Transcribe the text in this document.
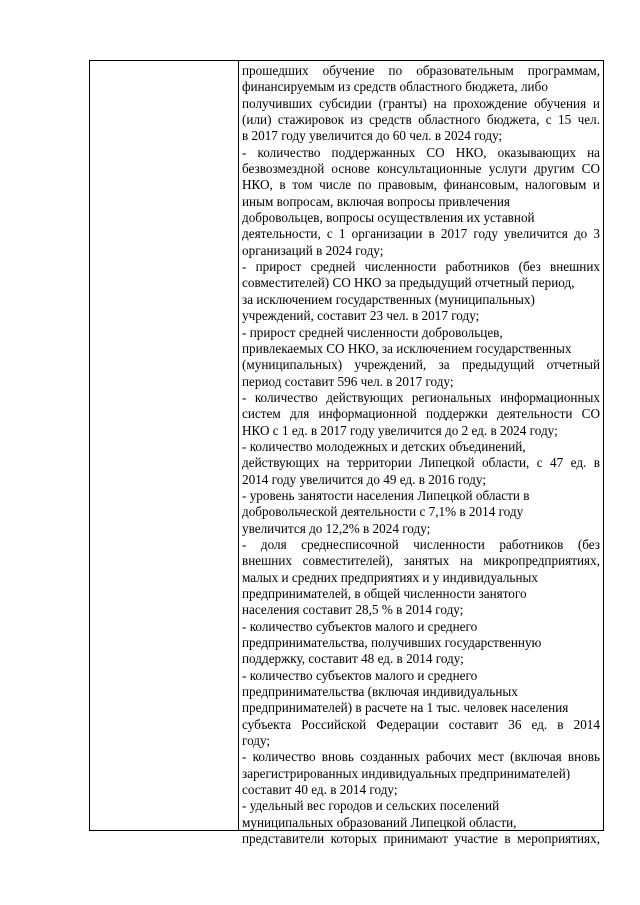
прошедших обучение по образовательным программам,
финансируемым из средств областного бюджета, либо
получивших субсидии (гранты) на прохождение обучения и
(или) стажировок из средств областного бюджета, с 15 чел.
в 2017 году увеличится до 60 чел. в 2024 году;
- количество поддержанных СО НКО, оказывающих на
безвозмездной основе консультационные услуги другим СО
НКО, в том числе по правовым, финансовым, налоговым и
иным вопросам, включая вопросы привлечения
добровольцев, вопросы осуществления их уставной
деятельности, с 1 организации в 2017 году увеличится до 3
организаций в 2024 году;
- прирост средней численности работников (без внешних
совместителей) СО НКО за предыдущий отчетный период,
за исключением государственных (муниципальных)
учреждений, составит 23 чел. в 2017 году;
- прирост средней численности добровольцев,
привлекаемых СО НКО, за исключением государственных
(муниципальных) учреждений, за предыдущий отчетный
период составит 596 чел. в 2017 году;
- количество действующих региональных информационных
систем для информационной поддержки деятельности СО
НКО с 1 ед. в 2017 году увеличится до 2 ед. в 2024 году;
- количество молодежных и детских объединений,
действующих на территории Липецкой области, с 47 ед. в
2014 году увеличится до 49 ед. в 2016 году;
- уровень занятости населения Липецкой области в
добровольческой деятельности с 7,1% в 2014 году
увеличится до 12,2% в 2024 году;
- доля среднесписочной численности работников (без
внешних совместителей), занятых на микропредприятиях,
малых и средних предприятиях и у индивидуальных
предпринимателей, в общей численности занятого
населения составит 28,5 % в 2014 году;
- количество субъектов малого и среднего
предпринимательства, получивших государственную
поддержку, составит 48 ед. в 2014 году;
- количество субъектов малого и среднего
предпринимательства (включая индивидуальных
предпринимателей) в расчете на 1 тыс. человек населения
субъекта Российской Федерации составит 36 ед. в 2014
году;
- количество вновь созданных рабочих мест (включая вновь
зарегистрированных индивидуальных предпринимателей)
составит 40 ед. в 2014 году;
- удельный вес городов и сельских поселений
муниципальных образований Липецкой области,
представители которых принимают участие в мероприятиях,
